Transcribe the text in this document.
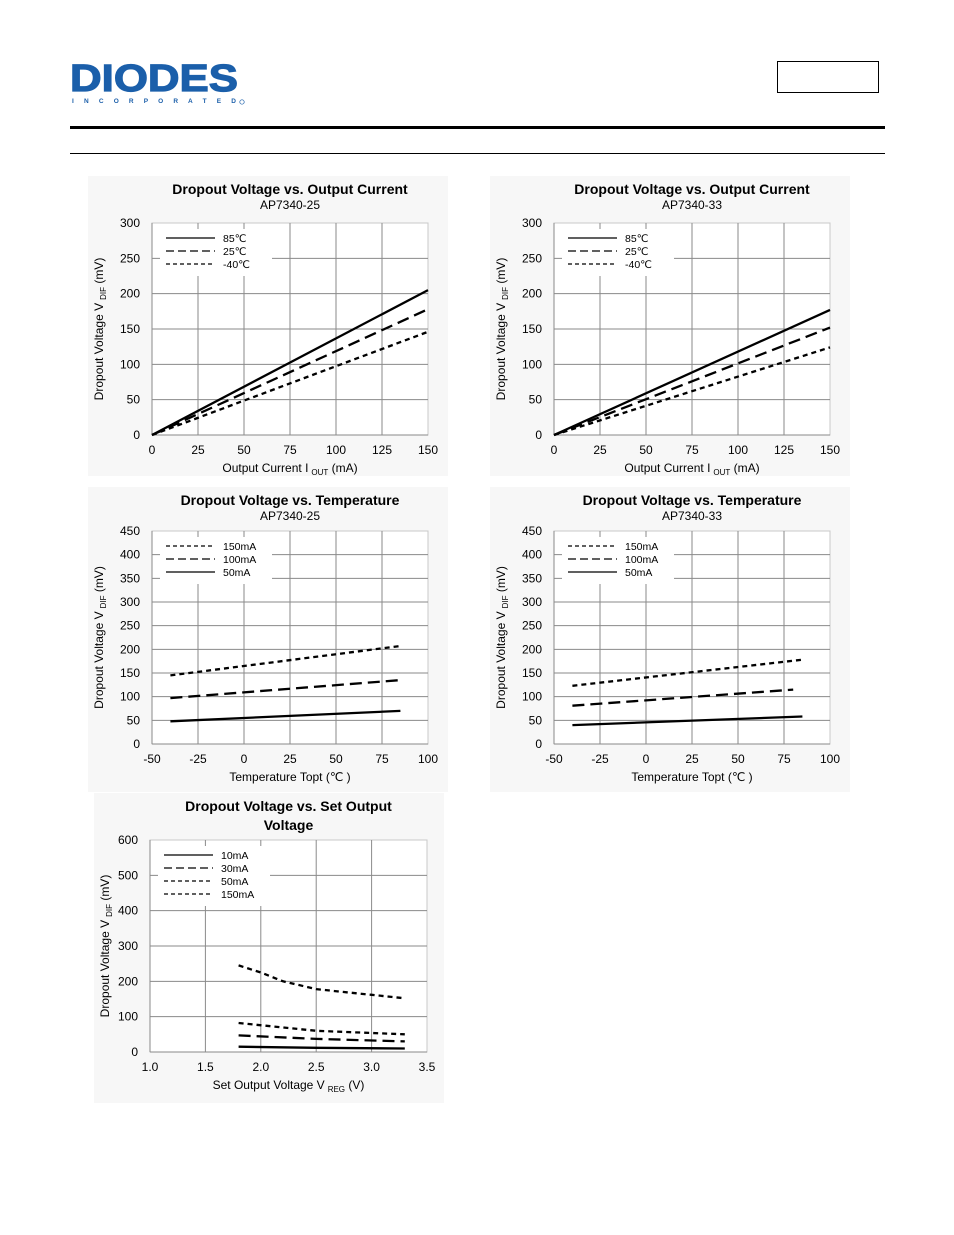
DIODES
I N C O R P O R A T E D
Dropout Voltage vs. Output Current
AP7340-25
0	25	50	75 100 125 150
0
50
100
150
200
250
300
Output Current I $_{OUT}$ (mA)
Dropout Voltage $V_{DIF}$ (mV)
85℃
25℃
-40℃
Dropout Voltage vs. Output Current
AP7340-33
0	25	50	75 100 125 150
0
50
100
150
200
250
300
Output Current I $_{OUT}$ (mA)
Dropout Voltage $V_{DIF}$ (mV)
85℃
25℃
-40℃
Dropout Voltage vs. Temperature
AP7340-25
-50 -25	0	25	50	75 100
0
50
100
150
200
250
300
350
400
450
Temperature Topt (℃ )
Dropout Voltage $V_{DIF}$ (mV)
150mA
100mA
50mA
Dropout Voltage vs. Temperature
AP7340-33
-50 -25	0	25	50	75 100
0
50
100
150
200
250
300
350
400
450
Temperature Topt (℃ )
Dropout Voltage $V_{DIF}$ (mV)
150mA
100mA
50mA
Dropout Voltage vs. Set Output
Voltage
1.0	1.5	2.0	2.5	3.0	3.5
0
100
200
300
400
500
600
Set Output Voltage V $_{REG}$ (V)
Dropout Voltage $V_{DIF}$ (mV)
10mA
30mA
50mA
150mA
